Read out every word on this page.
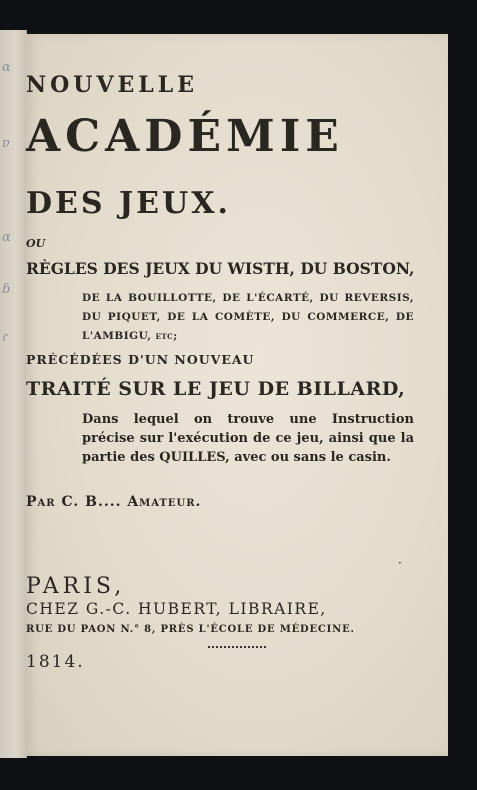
ɑ
ɐ
ɑ
ɓ
ɾ
NOUVELLE
ACADÉMIE
DES JEUX.
OU
RÈGLES DES JEUX DU WISTH, DU BOSTON,
DE LA BOUILLOTTE, DE L'ÉCARTÉ, DU REVERSIS, DU PIQUET, DE LA COMÈTE, DU COMMERCE, DE L'AMBIGU, etc;
PRÉCÉDÉES D'UN NOUVEAU
TRAITÉ SUR LE JEU DE BILLARD,
Dans lequel on trouve une Instruction précise sur l'exécution de ce jeu, ainsi que la partie des QUILLES, avec ou sans le casin.
Par C. B.... Amateur.
·
PARIS,
CHEZ G.-C. HUBERT, LIBRAIRE,
RUE DU PAON N.° 8, PRÈS L'ÉCOLE DE MÉDECINE.
1814.
